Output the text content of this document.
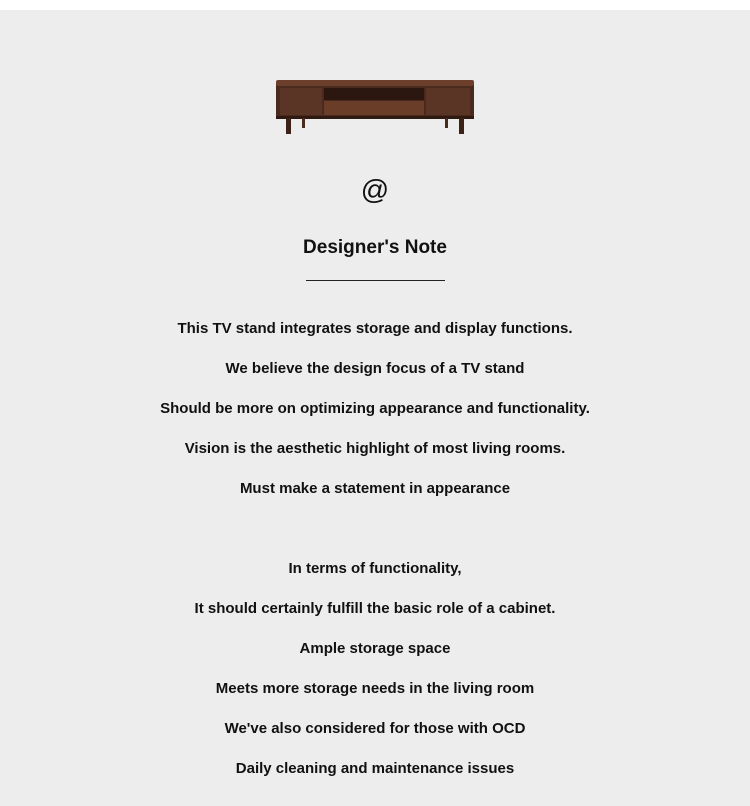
@
Designer's Note
This TV stand integrates storage and display functions.
We believe the design focus of a TV stand
Should be more on optimizing appearance and functionality.
Vision is the aesthetic highlight of most living rooms.
Must make a statement in appearance
In terms of functionality,
It should certainly fulfill the basic role of a cabinet.
Ample storage space
Meets more storage needs in the living room
We've also considered for those with OCD
Daily cleaning and maintenance issues
